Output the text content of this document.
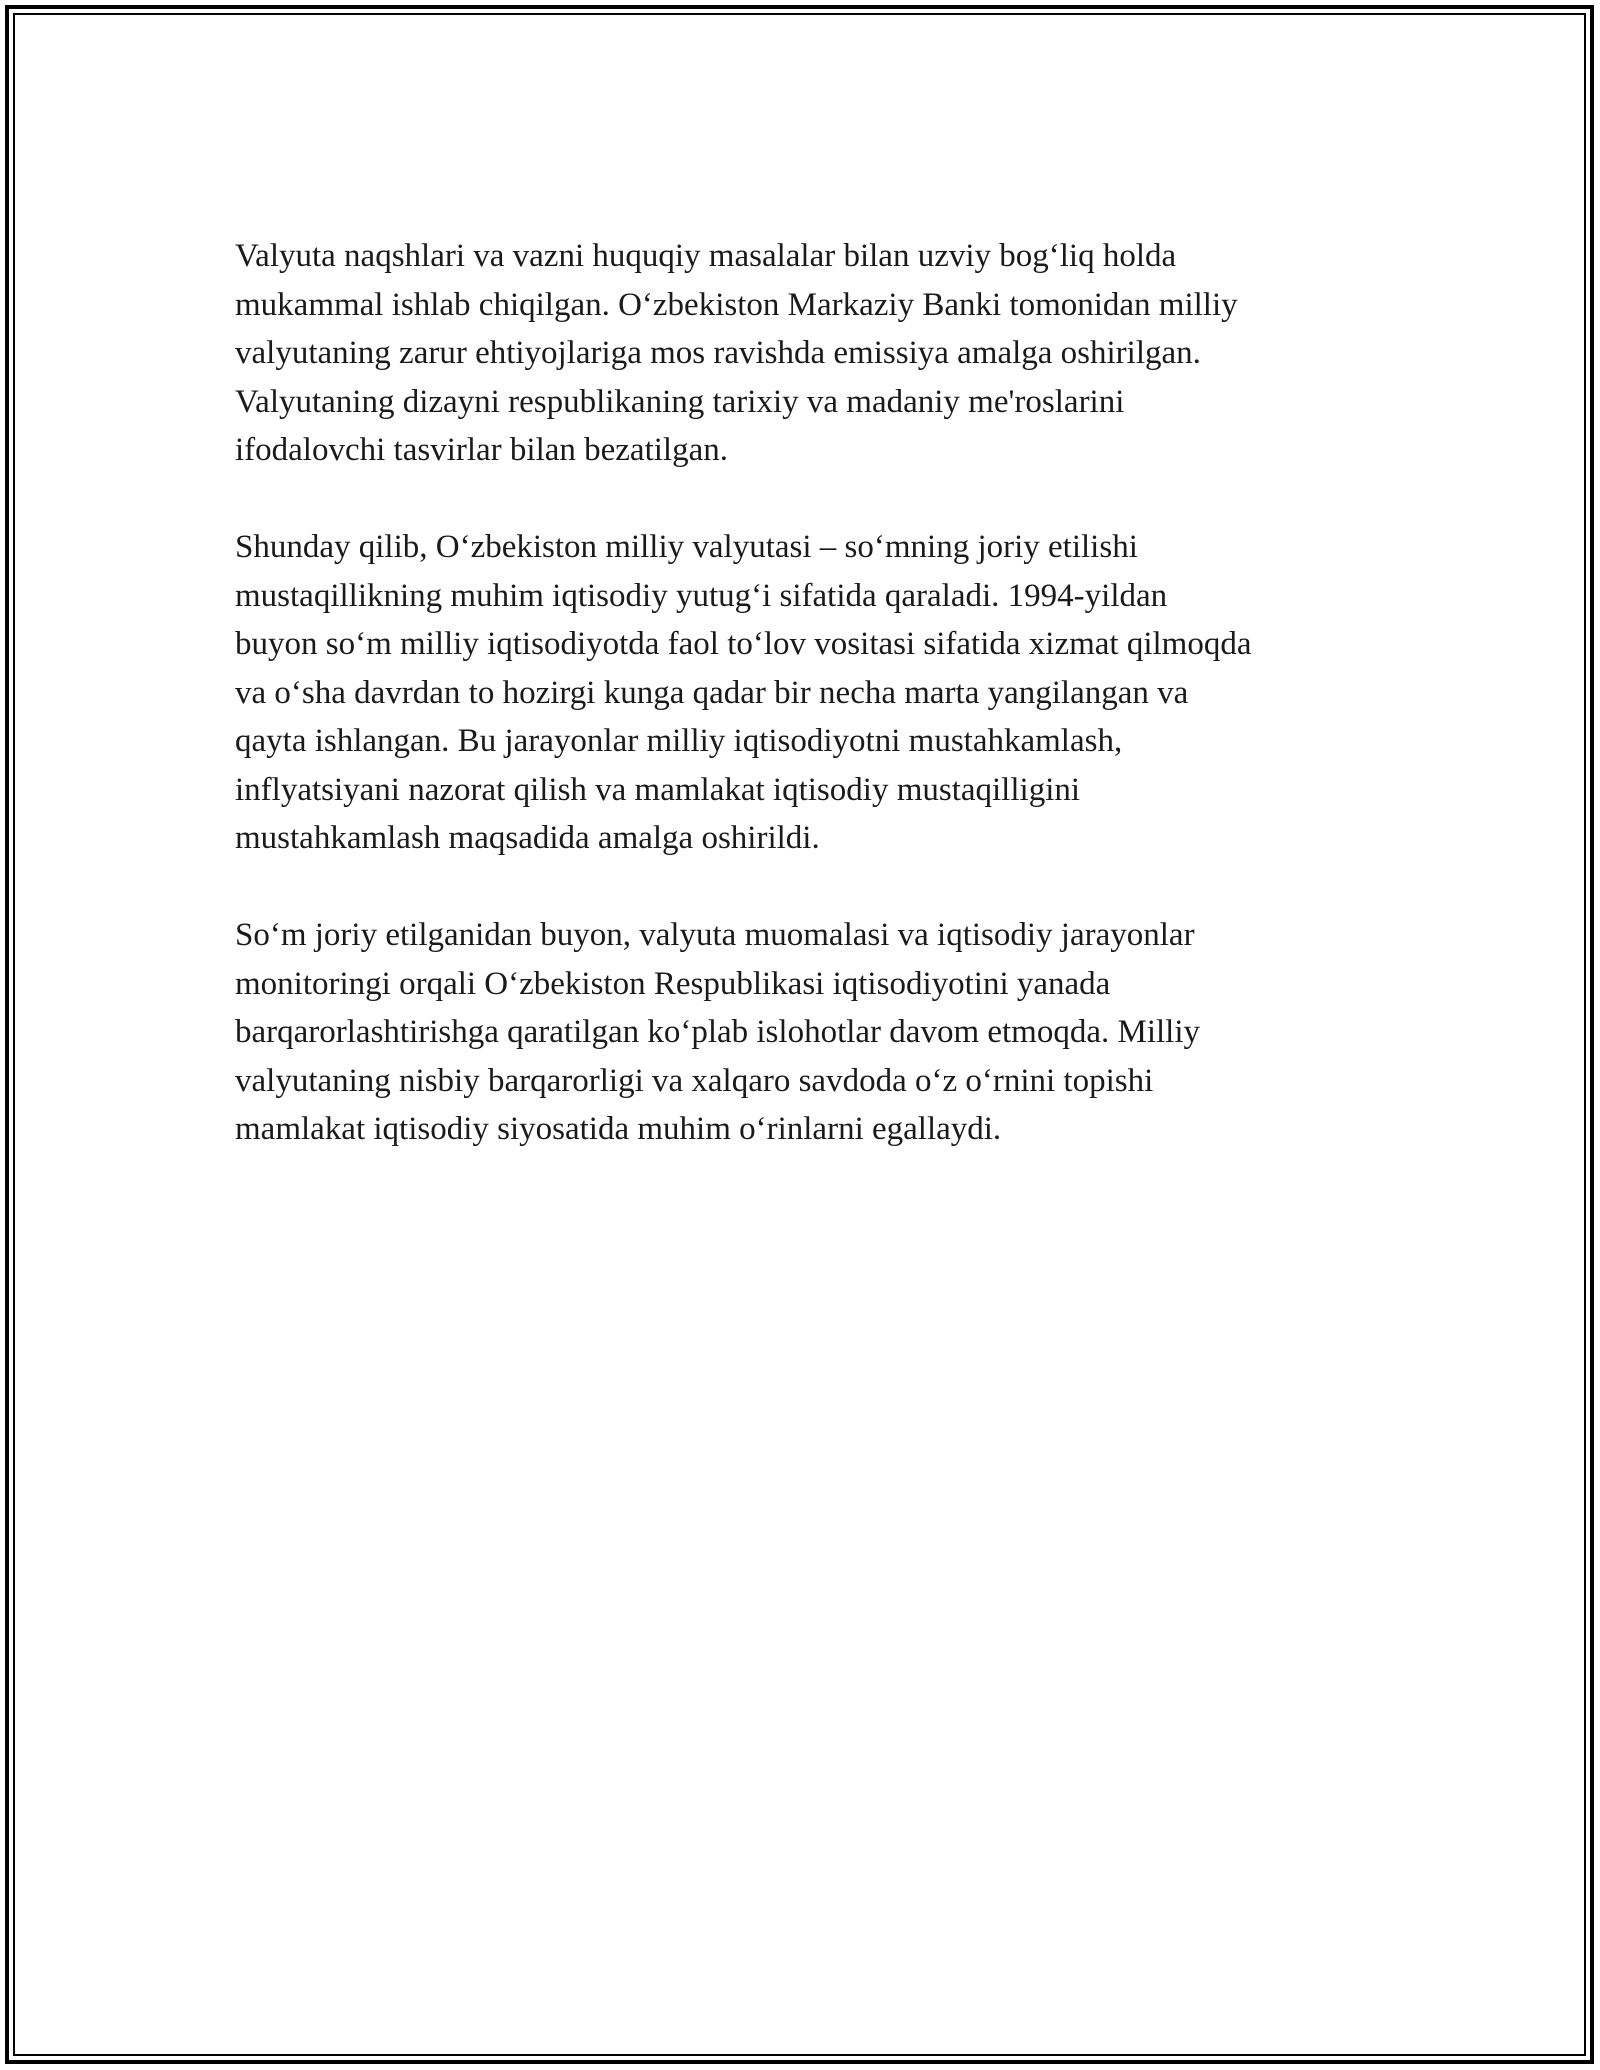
Valyuta naqshlari va vazni huquqiy masalalar bilan uzviy bog‘liq holda
mukammal ishlab chiqilgan. O‘zbekiston Markaziy Banki tomonidan milliy
valyutaning zarur ehtiyojlariga mos ravishda emissiya amalga oshirilgan.
Valyutaning dizayni respublikaning tarixiy va madaniy me'roslarini
ifodalovchi tasvirlar bilan bezatilgan.

Shunday qilib, O‘zbekiston milliy valyutasi – so‘mning joriy etilishi
mustaqillikning muhim iqtisodiy yutug‘i sifatida qaraladi. 1994-yildan
buyon so‘m milliy iqtisodiyotda faol to‘lov vositasi sifatida xizmat qilmoqda
va o‘sha davrdan to hozirgi kunga qadar bir necha marta yangilangan va
qayta ishlangan. Bu jarayonlar milliy iqtisodiyotni mustahkamlash,
inflyatsiyani nazorat qilish va mamlakat iqtisodiy mustaqilligini
mustahkamlash maqsadida amalga oshirildi.

So‘m joriy etilganidan buyon, valyuta muomalasi va iqtisodiy jarayonlar
monitoringi orqali O‘zbekiston Respublikasi iqtisodiyotini yanada
barqarorlashtirishga qaratilgan ko‘plab islohotlar davom etmoqda. Milliy
valyutaning nisbiy barqarorligi va xalqaro savdoda o‘z o‘rnini topishi
mamlakat iqtisodiy siyosatida muhim o‘rinlarni egallaydi.
